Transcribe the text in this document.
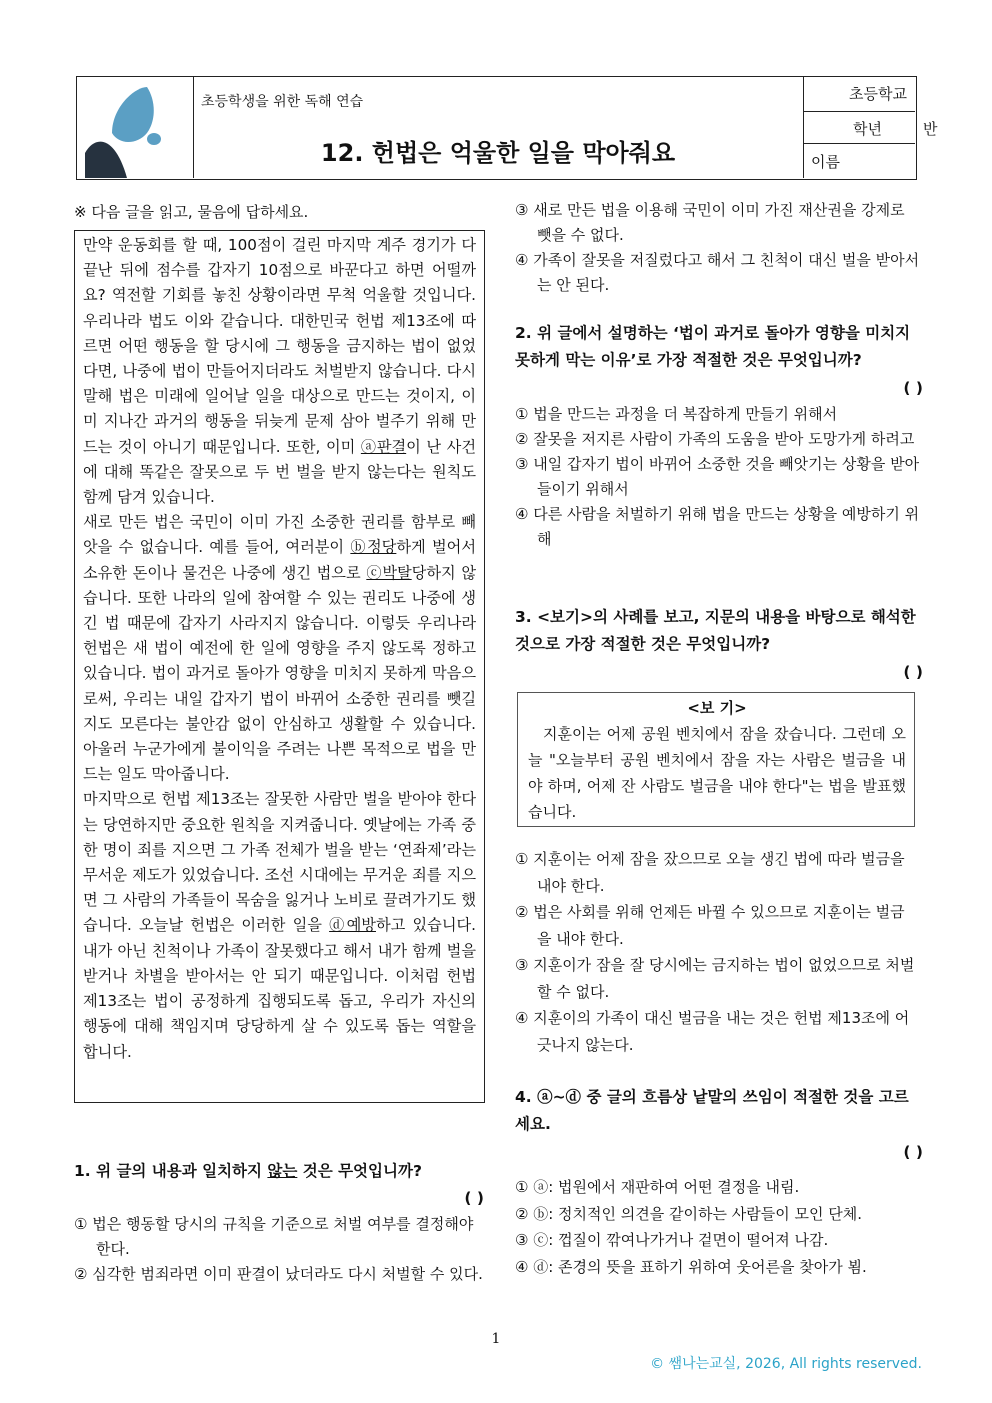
초등학생을 위한 독해 연습
12. 헌법은 억울한 일을 막아줘요
초등학교
학년	반
이름
※ 다음 글을 읽고, 물음에 답하세요.

만약 운동회를 할 때, 100점이 걸린 마지막 계주 경기가 다 끝난 뒤에 점수를 갑자기 10점으로 바꾼다고 하면 어떨까요? 역전할 기회를 놓친 상황이라면 무척 억울할 것입니다. 우리나라 법도 이와 같습니다. 대한민국 헌법 제13조에 따르면 어떤 행동을 할 당시에 그 행동을 금지하는 법이 없었다면, 나중에 법이 만들어지더라도 처벌받지 않습니다. 다시 말해 법은 미래에 일어날 일을 대상으로 만드는 것이지, 이미 지나간 과거의 행동을 뒤늦게 문제 삼아 벌주기 위해 만드는 것이 아니기 때문입니다. 또한, 이미 ⓐ판결이 난 사건에 대해 똑같은 잘못으로 두 번 벌을 받지 않는다는 원칙도 함께 담겨 있습니다.

새로 만든 법은 국민이 이미 가진 소중한 권리를 함부로 빼앗을 수 없습니다. 예를 들어, 여러분이 ⓑ정당하게 벌어서 소유한 돈이나 물건은 나중에 생긴 법으로 ⓒ박탈당하지 않습니다. 또한 나라의 일에 참여할 수 있는 권리도 나중에 생긴 법 때문에 갑자기 사라지지 않습니다. 이렇듯 우리나라 헌법은 새 법이 예전에 한 일에 영향을 주지 않도록 정하고 있습니다. 법이 과거로 돌아가 영향을 미치지 못하게 막음으로써, 우리는 내일 갑자기 법이 바뀌어 소중한 권리를 뺏길지도 모른다는 불안감 없이 안심하고 생활할 수 있습니다. 아울러 누군가에게 불이익을 주려는 나쁜 목적으로 법을 만드는 일도 막아줍니다.

마지막으로 헌법 제13조는 잘못한 사람만 벌을 받아야 한다는 당연하지만 중요한 원칙을 지켜줍니다. 옛날에는 가족 중 한 명이 죄를 지으면 그 가족 전체가 벌을 받는 ‘연좌제’라는 무서운 제도가 있었습니다. 조선 시대에는 무거운 죄를 지으면 그 사람의 가족들이 목숨을 잃거나 노비로 끌려가기도 했습니다. 오늘날 헌법은 이러한 일을 ⓓ예방하고 있습니다. 내가 아닌 친척이나 가족이 잘못했다고 해서 내가 함께 벌을 받거나 차별을 받아서는 안 되기 때문입니다. 이처럼 헌법 제13조는 법이 공정하게 집행되도록 돕고, 우리가 자신의 행동에 대해 책임지며 당당하게 살 수 있도록 돕는 역할을 합니다.

1. 위 글의 내용과 일치하지 않는 것은 무엇입니까?
( )
① 법은 행동할 당시의 규칙을 기준으로 처벌 여부를 결정해야 한다.
② 심각한 범죄라면 이미 판결이 났더라도 다시 처벌할 수 있다.
③ 새로 만든 법을 이용해 국민이 이미 가진 재산권을 강제로 뺏을 수 없다.
④ 가족이 잘못을 저질렀다고 해서 그 친척이 대신 벌을 받아서는 안 된다.
2. 위 글에서 설명하는 ‘법이 과거로 돌아가 영향을 미치지 못하게 막는 이유’로 가장 적절한 것은 무엇입니까?
( )
① 법을 만드는 과정을 더 복잡하게 만들기 위해서
② 잘못을 저지른 사람이 가족의 도움을 받아 도망가게 하려고
③ 내일 갑자기 법이 바뀌어 소중한 것을 빼앗기는 상황을 받아들이기 위해서
④ 다른 사람을 처벌하기 위해 법을 만드는 상황을 예방하기 위해
3. <보기>의 사례를 보고, 지문의 내용을 바탕으로 해석한 것으로 가장 적절한 것은 무엇입니까?
( )
<보 기>
지훈이는 어제 공원 벤치에서 잠을 잤습니다. 그런데 오늘 "오늘부터 공원 벤치에서 잠을 자는 사람은 벌금을 내야 하며, 어제 잔 사람도 벌금을 내야 한다"는 법을 발표했습니다.
① 지훈이는 어제 잠을 잤으므로 오늘 생긴 법에 따라 벌금을 내야 한다.
② 법은 사회를 위해 언제든 바뀔 수 있으므로 지훈이는 벌금을 내야 한다.
③ 지훈이가 잠을 잘 당시에는 금지하는 법이 없었으므로 처벌할 수 없다.
④ 지훈이의 가족이 대신 벌금을 내는 것은 헌법 제13조에 어긋나지 않는다.
4. ⓐ~ⓓ 중 글의 흐름상 낱말의 쓰임이 적절한 것을 고르세요.
( )
① ⓐ: 법원에서 재판하여 어떤 결정을 내림.
② ⓑ: 정치적인 의견을 같이하는 사람들이 모인 단체.
③ ⓒ: 껍질이 깎여나가거나 겉면이 떨어져 나감.
④ ⓓ: 존경의 뜻을 표하기 위하여 웃어른을 찾아가 뵘.
1
© 쌤나는교실, 2026, All rights reserved.
